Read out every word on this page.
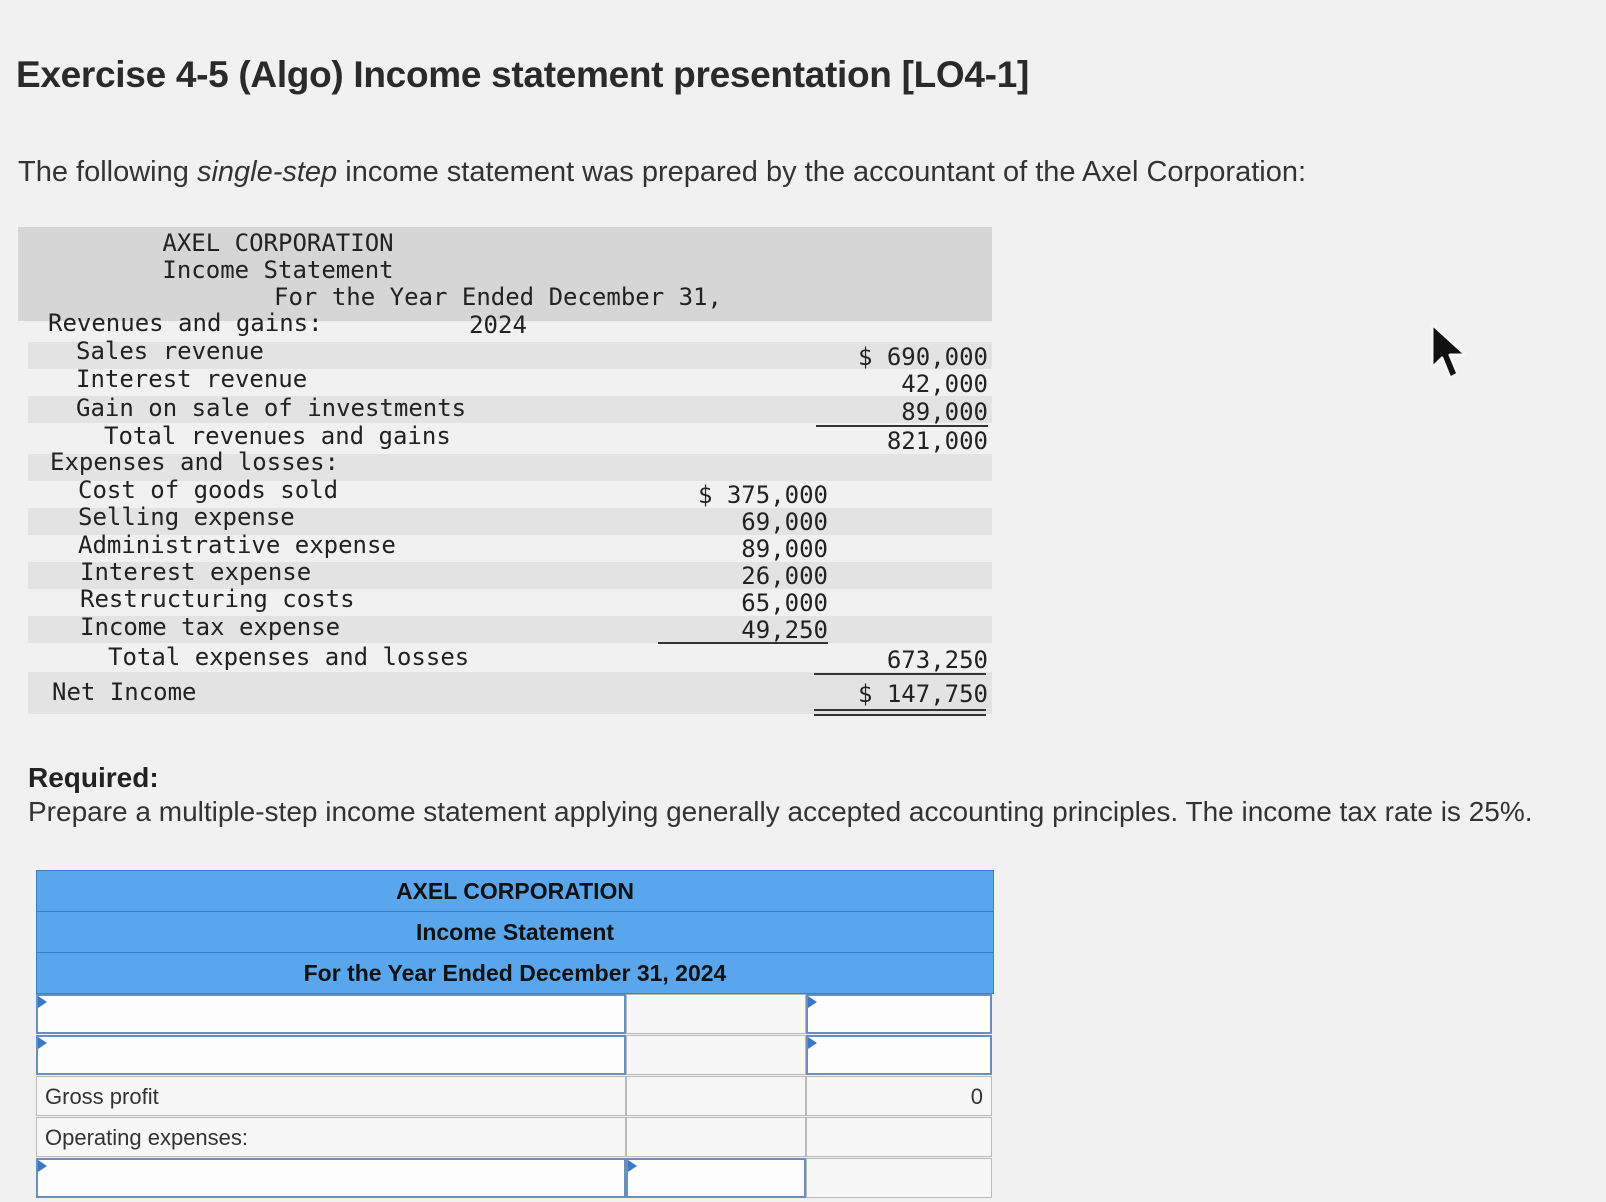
Exercise 4-5 (Algo) Income statement presentation [LO4-1]
The following single-step income statement was prepared by the accountant of the Axel Corporation:
AXEL CORPORATION
Income Statement
For the Year Ended December 31, 2024
Revenues and gains:
Sales revenue	$ 690,000
Interest revenue	42,000
Gain on sale of investments	89,000
Total revenues and gains	821,000
Expenses and losses:
Cost of goods sold	$ 375,000
Selling expense	69,000
Administrative expense	89,000
Interest expense	26,000
Restructuring costs	65,000
Income tax expense	49,250
Total expenses and losses	673,250
Net Income	$ 147,750
Required:
Prepare a multiple-step income statement applying generally accepted accounting principles. The income tax rate is 25%.
AXEL CORPORATION
Income Statement
For the Year Ended December 31, 2024
Gross profit	0
Operating expenses:
